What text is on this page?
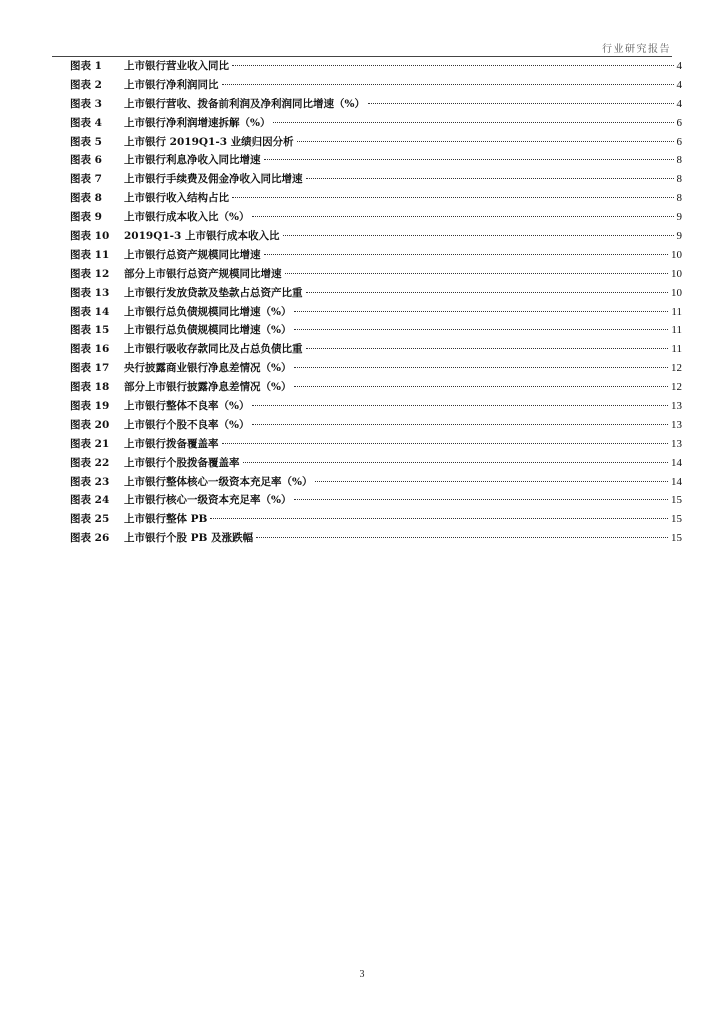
行业研究报告
图表 1	上市银行营业收入同比	4
图表 2	上市银行净利润同比	4
图表 3	上市银行营收、拨备前利润及净利润同比增速（%）	4
图表 4	上市银行净利润增速拆解（%）	6
图表 5	上市银行 2019Q1-3 业绩归因分析	6
图表 6	上市银行利息净收入同比增速	8
图表 7	上市银行手续费及佣金净收入同比增速	8
图表 8	上市银行收入结构占比	8
图表 9	上市银行成本收入比（%）	9
图表 10	2019Q1-3 上市银行成本收入比	9
图表 11	上市银行总资产规模同比增速	10
图表 12	部分上市银行总资产规模同比增速	10
图表 13	上市银行发放贷款及垫款占总资产比重	10
图表 14	上市银行总负债规模同比增速（%）	11
图表 15	上市银行总负债规模同比增速（%）	11
图表 16	上市银行吸收存款同比及占总负债比重	11
图表 17	央行披露商业银行净息差情况（%）	12
图表 18	部分上市银行披露净息差情况（%）	12
图表 19	上市银行整体不良率（%）	13
图表 20	上市银行个股不良率（%）	13
图表 21	上市银行拨备覆盖率	13
图表 22	上市银行个股拨备覆盖率	14
图表 23	上市银行整体核心一级资本充足率（%）	14
图表 24	上市银行核心一级资本充足率（%）	15
图表 25	上市银行整体 PB	15
图表 26	上市银行个股 PB 及涨跌幅	15
3
